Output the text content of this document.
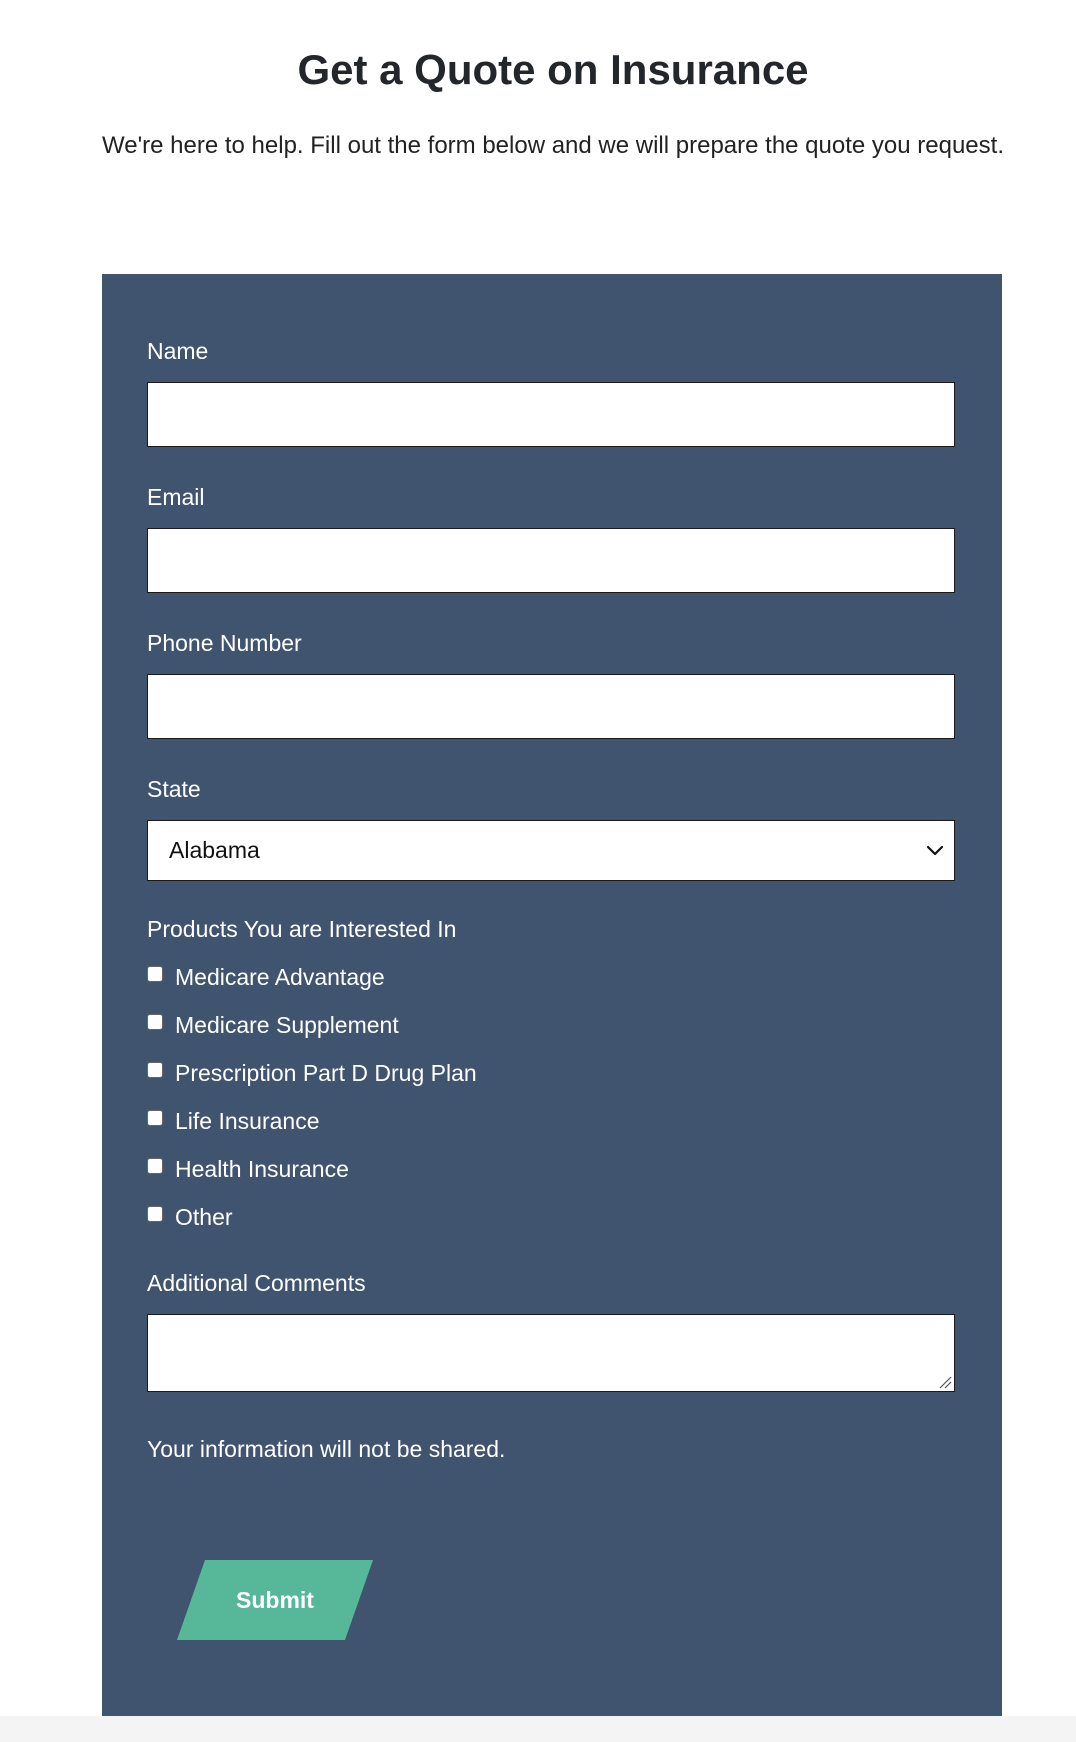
Get a Quote on Insurance

We're here to help. Fill out the form below and we will prepare the quote you request.

Name
Email
Phone Number
State
Alabama
Products You are Interested In
Medicare Advantage
Medicare Supplement
Prescription Part D Drug Plan
Life Insurance
Health Insurance
Other
Additional Comments
Your information will not be shared.
Submit
